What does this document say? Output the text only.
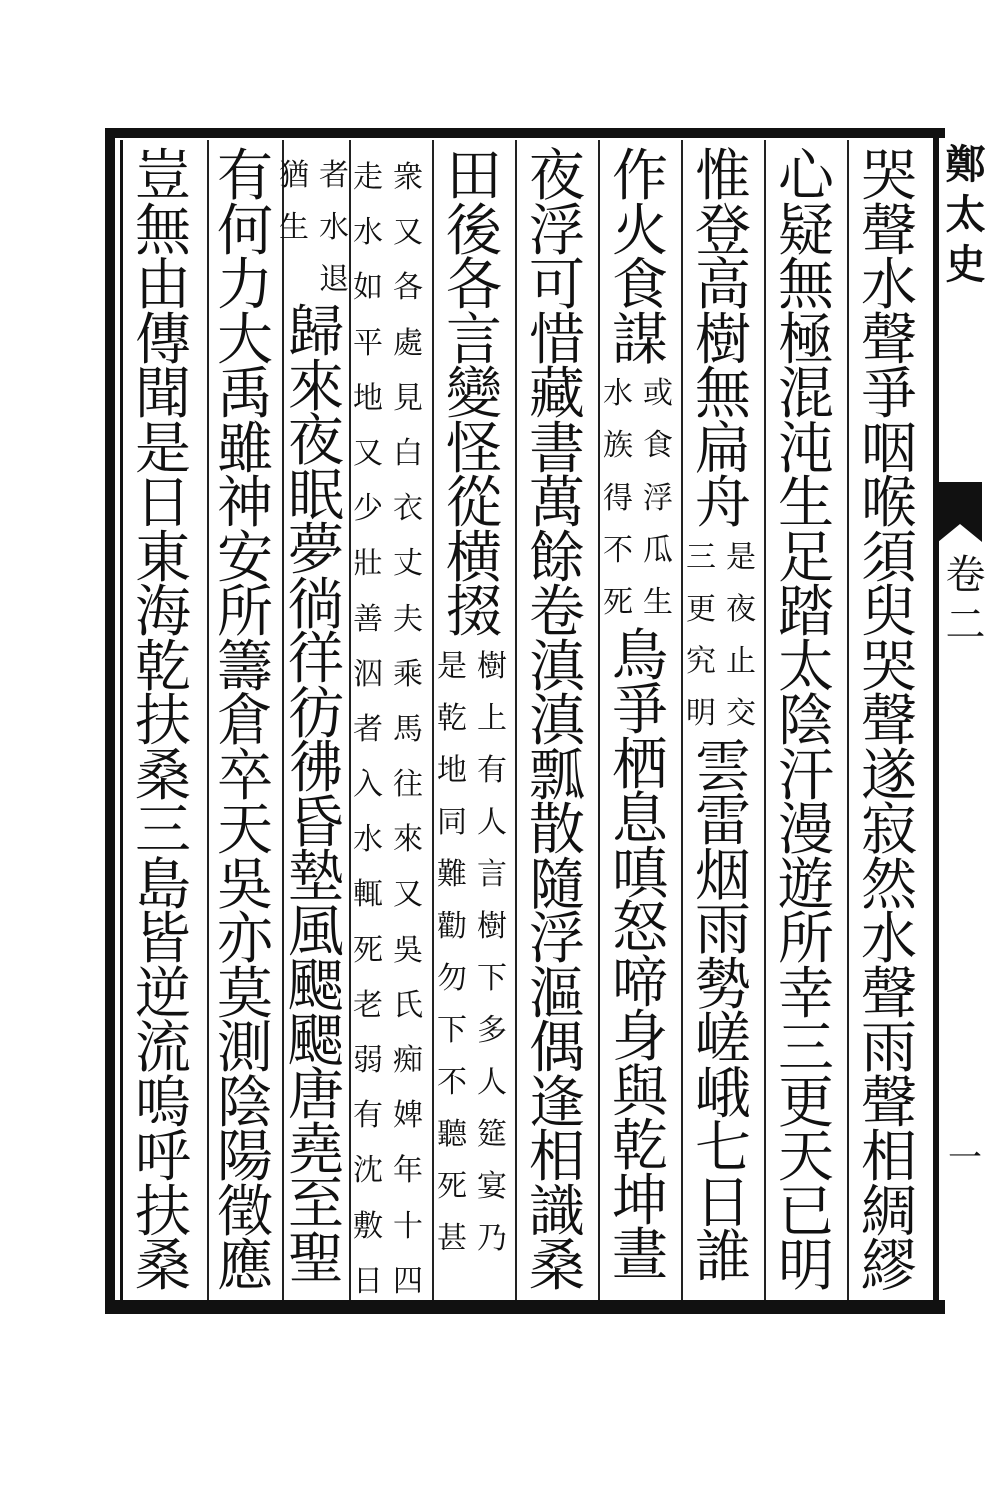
鄭
太
史
卷
二
一
哭
聲
水
聲
爭
咽
喉
須
臾
哭
聲
遂
寂
然
水
聲
雨
聲
相
綢
繆
心
疑
無
極
混
沌
生
足
踏
太
陰
汗
漫
遊
所
幸
三
更
天
已
明
惟
登
高
樹
無
扁
舟
是
夜
止
交
三
更
究
明
雲
雷
烟
雨
勢
嵯
峨
七
日
誰
作
火
食
謀
或
食
浮
瓜
生
水
族
得
不
死
鳥
爭
栖
息
嗔
怒
啼
身
與
乾
坤
晝
夜
浮
可
惜
藏
書
萬
餘
卷
滇
滇
瓢
散
隨
浮
漚
偶
逢
相
識
桑
田
後
各
言
變
怪
從
横
掇
樹
上
有
人
言
樹
下
多
人
筵
宴
乃
是
乾
地
同
難
勸
勿
下
不
聽
死
甚
衆
又
各
處
見
白
衣
丈
夫
乘
馬
往
來
又
吳
氏
痴
婢
年
十
四
走
水
如
平
地
又
少
壯
善
泅
者
入
水
輒
死
老
弱
有
沈
敷
日
者
水
退
猶
生
歸
來
夜
眠
夢
徜
徉
彷
彿
昏
墊
風
颸
颸
唐
堯
至
聖
有
何
力
大
禹
雖
神
安
所
籌
倉
卒
天
吳
亦
莫
測
陰
陽
徵
應
豈
無
由
傳
聞
是
日
東
海
乾
扶
桑
三
島
皆
逆
流
嗚
呼
扶
桑
